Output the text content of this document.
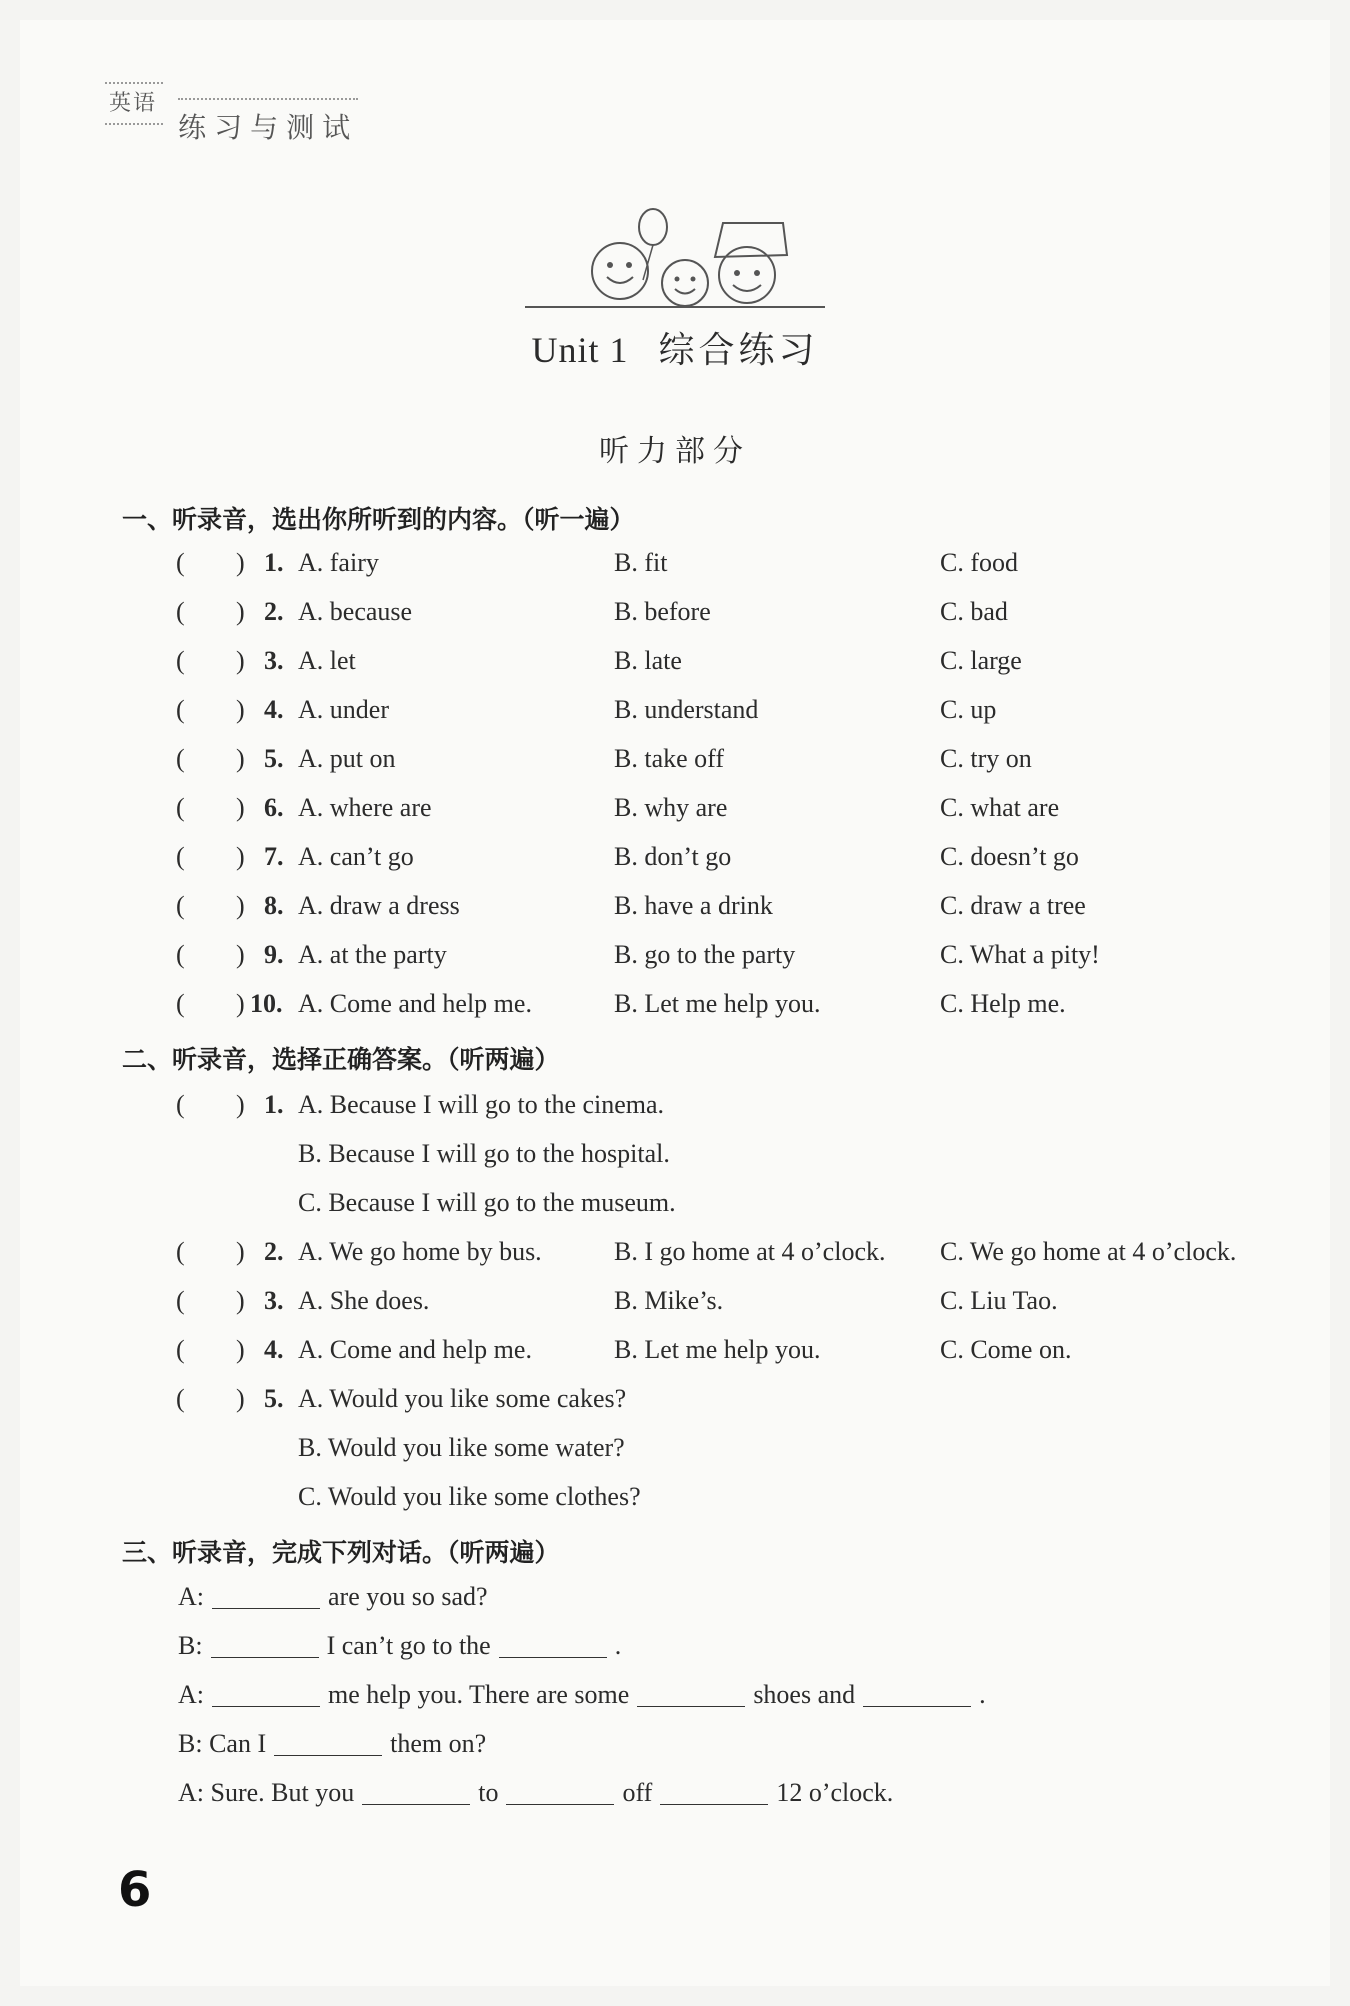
英语 练习与测试
Unit 1 综合练习
听力部分
一、听录音，选出你所听到的内容。（听一遍）
( ) 1. A. fairy	B. fit	C. food
( ) 2. A. because	B. before	C. bad
( ) 3. A. let	B. late	C. large
( ) 4. A. under	B. understand	C. up
( ) 5. A. put on	B. take off	C. try on
( ) 6. A. where are	B. why are	C. what are
( ) 7. A. can’t go	B. don’t go	C. doesn’t go
( ) 8. A. draw a dress	B. have a drink	C. draw a tree
( ) 9. A. at the party	B. go to the party	C. What a pity!
( ) 10. A. Come and help me.	B. Let me help you.	C. Help me.
二、听录音，选择正确答案。（听两遍）
( ) 1. A. Because I will go to the cinema.
B. Because I will go to the hospital.
C. Because I will go to the museum.
( ) 2. A. We go home by bus.	B. I go home at 4 o’clock. C. We go home at 4 o’clock.
( ) 3. A. She does.	B. Mike’s.	C. Liu Tao.
( ) 4. A. Come and help me.	B. Let me help you.	C. Come on.
( ) 5. A. Would you like some cakes?
B. Would you like some water?
C. Would you like some clothes?
三、听录音，完成下列对话。（听两遍）
A:	are you so sad?
B:	I can’t go to the	.
A:	me help you. There are some	shoes and	.
B: Can I	them on?
A: Sure. But you	to	off	12 o’clock.
6
